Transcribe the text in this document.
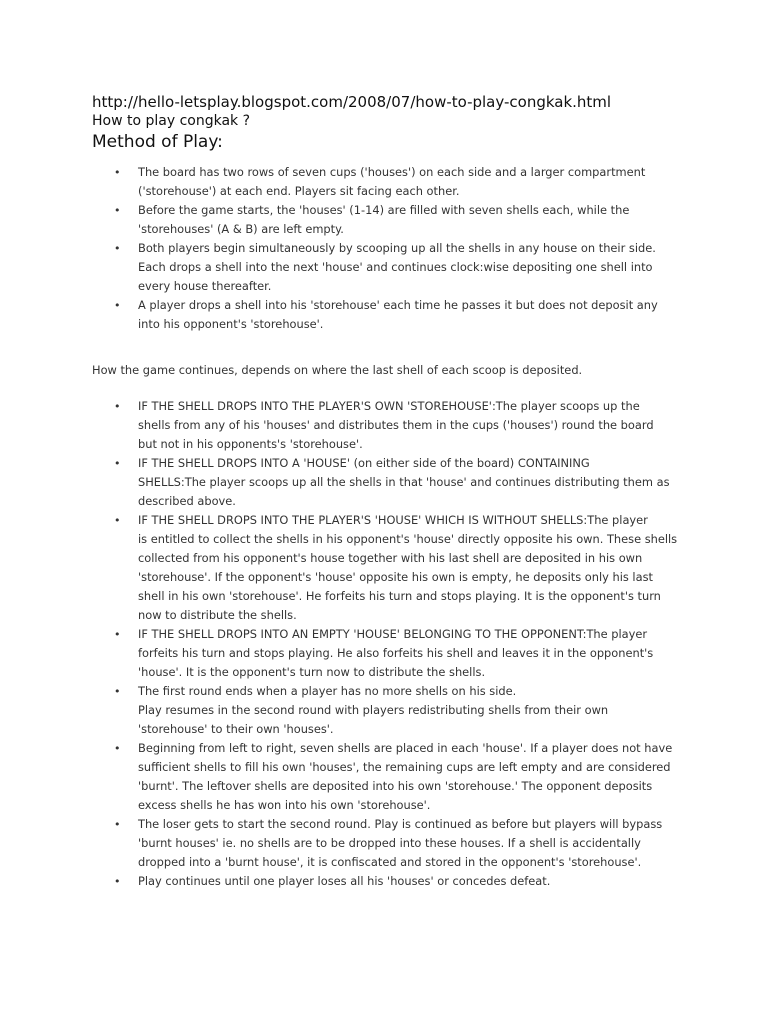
http://hello-letsplay.blogspot.com/2008/07/how-to-play-congkak.html

How to play congkak ?

Method of Play:

• The board has two rows of seven cups ('houses') on each side and a larger compartment
('storehouse') at each end. Players sit facing each other.
• Before the game starts, the 'houses' (1-14) are filled with seven shells each, while the
'storehouses' (A & B) are left empty.
• Both players begin simultaneously by scooping up all the shells in any house on their side.
Each drops a shell into the next 'house' and continues clock:wise depositing one shell into
every house thereafter.
• A player drops a shell into his 'storehouse' each time he passes it but does not deposit any
into his opponent's 'storehouse'.

How the game continues, depends on where the last shell of each scoop is deposited.

• IF THE SHELL DROPS INTO THE PLAYER'S OWN 'STOREHOUSE':The player scoops up the
shells from any of his 'houses' and distributes them in the cups ('houses') round the board
but not in his opponents's 'storehouse'.
• IF THE SHELL DROPS INTO A 'HOUSE' (on either side of the board) CONTAINING
SHELLS:The player scoops up all the shells in that 'house' and continues distributing them as
described above.
• IF THE SHELL DROPS INTO THE PLAYER'S 'HOUSE' WHICH IS WITHOUT SHELLS:The player
is entitled to collect the shells in his opponent's 'house' directly opposite his own. These shells
collected from his opponent's house together with his last shell are deposited in his own
'storehouse'. If the opponent's 'house' opposite his own is empty, he deposits only his last
shell in his own 'storehouse'. He forfeits his turn and stops playing. It is the opponent's turn
now to distribute the shells.
• IF THE SHELL DROPS INTO AN EMPTY 'HOUSE' BELONGING TO THE OPPONENT:The player
forfeits his turn and stops playing. He also forfeits his shell and leaves it in the opponent's
'house'. It is the opponent's turn now to distribute the shells.
• The first round ends when a player has no more shells on his side.
Play resumes in the second round with players redistributing shells from their own
'storehouse' to their own 'houses'.
• Beginning from left to right, seven shells are placed in each 'house'. If a player does not have
sufficient shells to fill his own 'houses', the remaining cups are left empty and are considered
'burnt'. The leftover shells are deposited into his own 'storehouse.' The opponent deposits
excess shells he has won into his own 'storehouse'.
• The loser gets to start the second round. Play is continued as before but players will bypass
'burnt houses' ie. no shells are to be dropped into these houses. If a shell is accidentally
dropped into a 'burnt house', it is confiscated and stored in the opponent's 'storehouse'.
• Play continues until one player loses all his 'houses' or concedes defeat.
